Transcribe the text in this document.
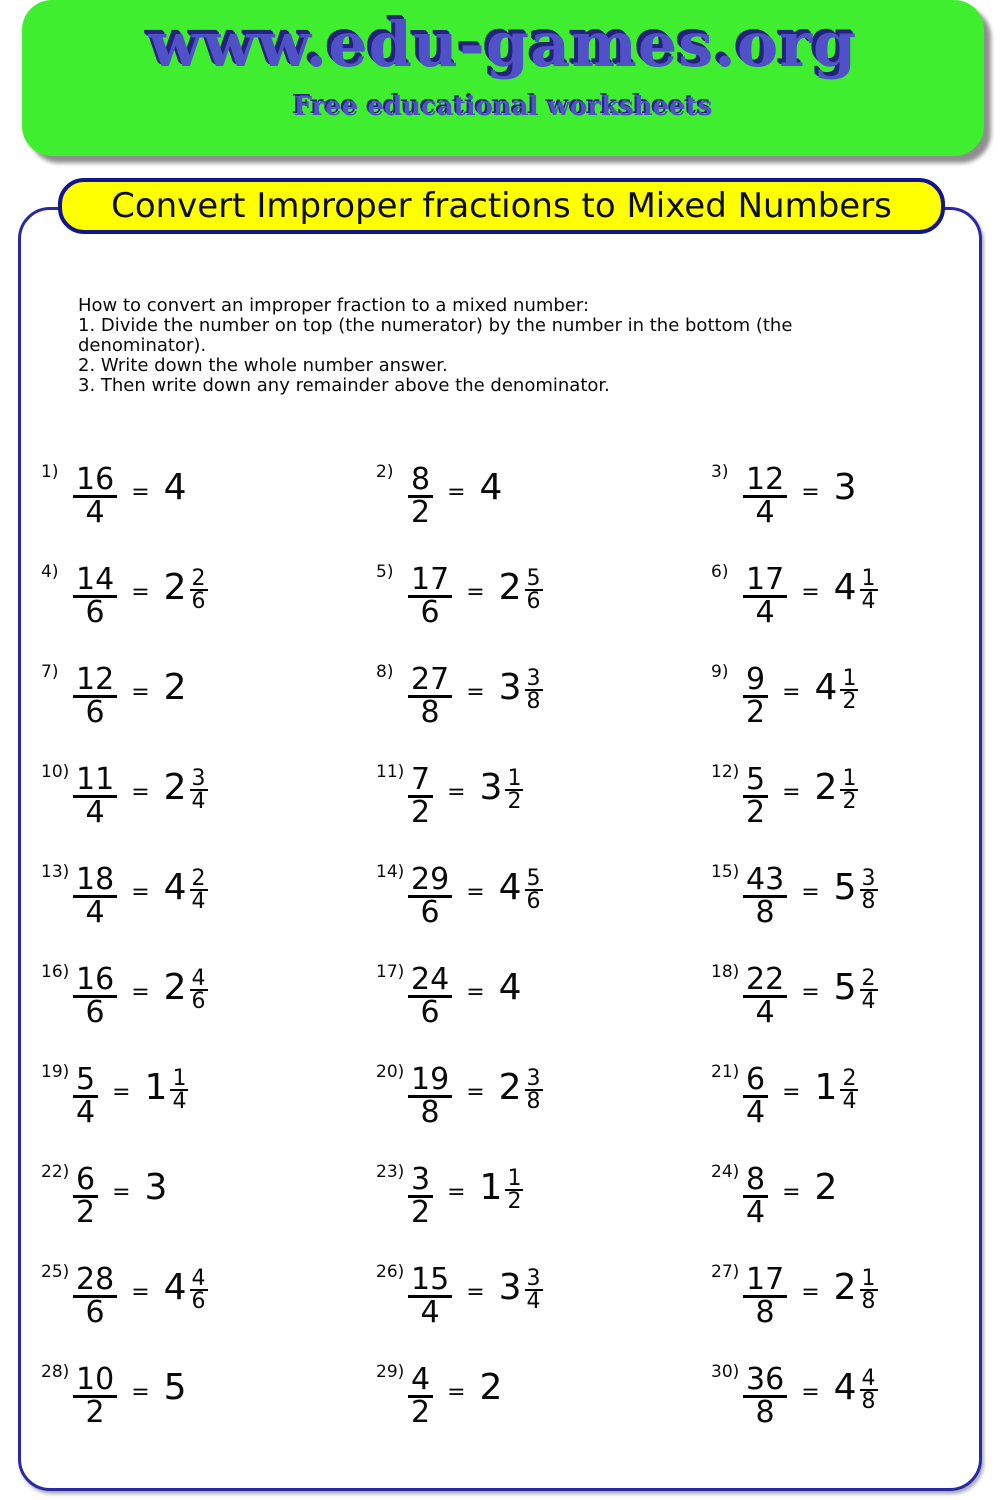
www.edu-games.org
Free educational worksheets
Convert Improper fractions to Mixed Numbers
How to convert an improper fraction to a mixed number:
1. Divide the number on top (the numerator) by the number in the bottom (the denominator).
2. Write down the whole number answer.
3. Then write down any remainder above the denominator.
$1) \frac{16}{4} = 4$	$2) \frac{8}{2} = 4$	$3) \frac{12}{4} = 3$
$4) \frac{14}{6} = 2 \frac{2}{6}$	$5) \frac{17}{6} = 2 \frac{5}{6}$	$6) \frac{17}{4} = 4 \frac{1}{4}$
$7) \frac{12}{6} = 2$	$8) \frac{27}{8} = 3 \frac{3}{8}$	$9) \frac{9}{2} = 4 \frac{1}{2}$
$10) \frac{11}{4} = 2 \frac{3}{4}$	$11) \frac{7}{2} = 3 \frac{1}{2}$	$12) \frac{5}{2} = 2 \frac{1}{2}$
$13) \frac{18}{4} = 4 \frac{2}{4}$	$14) \frac{29}{6} = 4 \frac{5}{6}$	$15) \frac{43}{8} = 5 \frac{3}{8}$
$16) \frac{16}{6} = 2 \frac{4}{6}$	$17) \frac{24}{6} = 4$	$18) \frac{22}{4} = 5 \frac{2}{4}$
$19) \frac{5}{4} = 1 \frac{1}{4}$	$20) \frac{19}{8} = 2 \frac{3}{8}$	$21) \frac{6}{4} = 1 \frac{2}{4}$
$22) \frac{6}{2} = 3$	$23) \frac{3}{2} = 1 \frac{1}{2}$	$24) \frac{8}{4} = 2$
$25) \frac{28}{6} = 4 \frac{4}{6}$	$26) \frac{15}{4} = 3 \frac{3}{4}$	$27) \frac{17}{8} = 2 \frac{1}{8}$
$28) \frac{10}{2} = 5$	$29) \frac{4}{2} = 2$	$30) \frac{36}{8} = 4 \frac{4}{8}$
